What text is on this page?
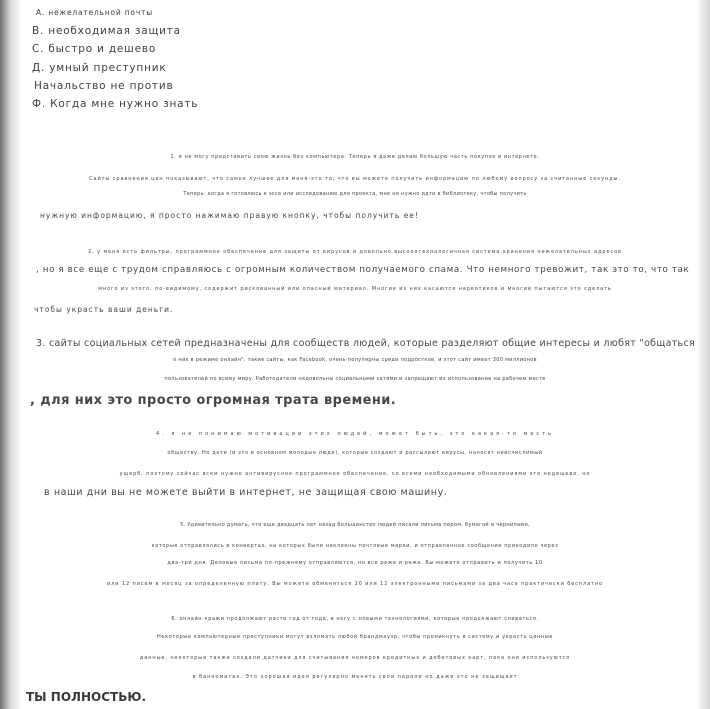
А. нежелательной почты
В. необходимая защита
С. быстро и дешево
Д. умный преступник
Начальство не против
Ф. Когда мне нужно знать
1. я не могу представить свою жизнь без компьютера. Теперь я даже делаю большую часть покупок в интернете.
Сайты сравнения цен показывают, что самое лучшее для меня-это то, что вы можете получить информацию по любому вопросу за считанные секунды.
Теперь, когда я готовлюсь к эссе или исследованию для проекта, мне не нужно идти в библиотеку, чтобы получить
нужную информацию, я просто нажимаю правую кнопку, чтобы получить ее!
2. у меня есть фильтры, программное обеспечение для защиты от вирусов и довольно высокотехнологичная система хранения нежелательных адресов
, но я все еще с трудом справляюсь с огромным количеством получаемого спама. Что немного тревожит, так это то, что так
много из этого, по-видимому, содержит рискованный или опасный материал. Многие из них касаются наркотиков и многие пытаются это сделать
чтобы украсть ваши деньги.
3. сайты социальных сетей предназначены для сообществ людей, которые разделяют общие интересы и любят "общаться
о них в режиме онлайн", такие сайты, как Facebook, очень популярны среди подростков, и этот сайт имеет 300 миллионов
пользователей по всему миру. Работодатели недовольны социальными сетями и запрещают их использование на рабочем месте
, для них это просто огромная трата времени.
4. я не понимаю мотивации этих людей, может быть, это какая-то месть
обществу. Но дети (и это в основном молодые люди), которые создают и рассылают вирусы, наносят неисчислимый
ущерб, поэтому сейчас всем нужно антивирусное программное обеспечение, со всеми необходимыми обновлениями это недешево, но
в наши дни вы не можете выйти в интернет, не защищая свою машину.
5. Удивительно думать, что еще двадцать лет назад большинство людей писали письма пером, бумагой и чернилами,
которые отправлялись в конвертах, на которых были наклеены почтовые марки, и отправленное сообщение приходило через
два-три дня. Деловые письма по-прежнему отправляются, но все реже и реже. Вы можете отправить и получить 10
или 12 писем в месяц за определенную плату. Вы можете обменяться 10 или 12 электронными письмами за два часа практически бесплатно
6. онлайн-кражи продолжают расти год от года, в ногу с новыми технологиями, которые продолжают сливаться.
Некоторые компьютерные преступники могут взломать любой брандмауэр, чтобы проникнуть в систему и украсть ценные
данные, некоторые также создали датчики для считывания номеров кредитных и дебетовых карт, пока они используются
в банкоматах. Это хорошая идея регулярно менять свои пароли но даже это не защищает
ТЫ ПОЛНОСТЬЮ.
